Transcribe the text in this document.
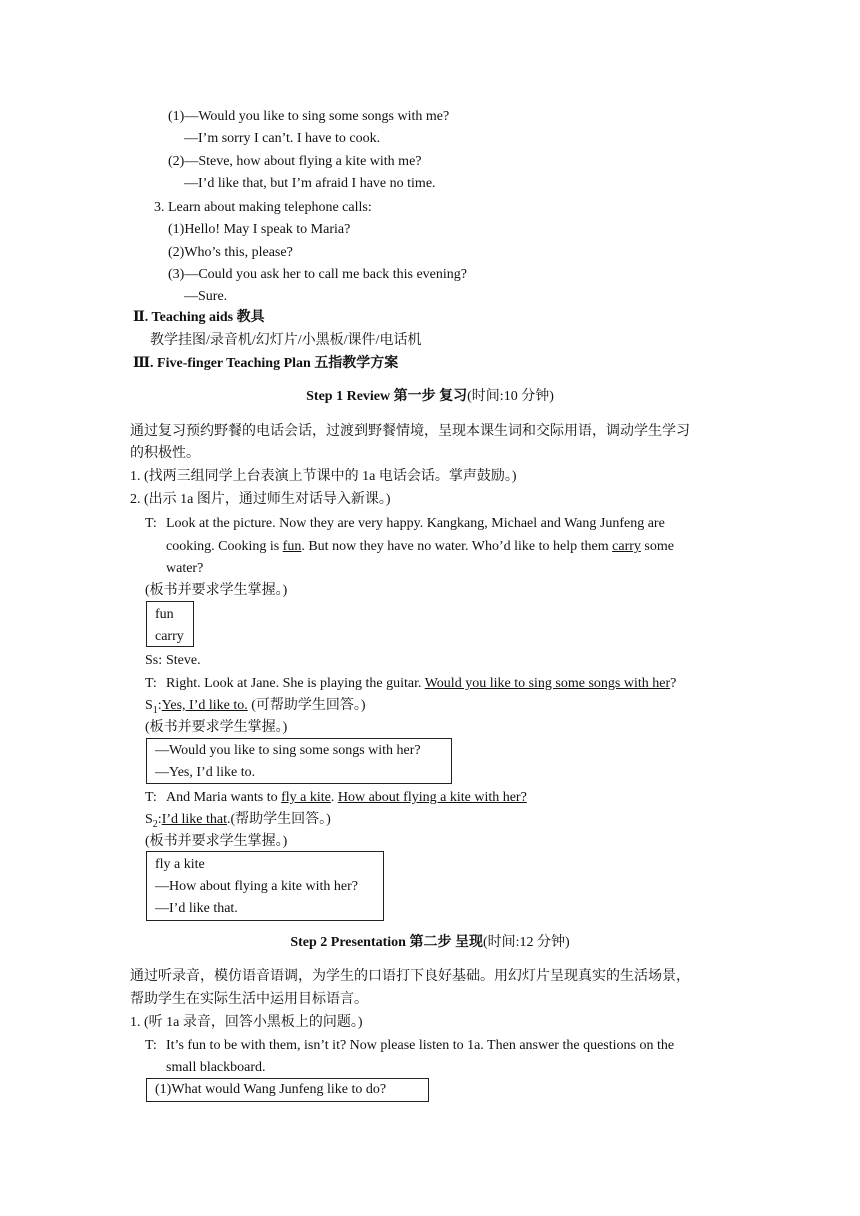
(1)—Would you like to sing some songs with me?
—I’m sorry I can’t. I have to cook.
(2)—Steve, how about flying a kite with me?
—I’d like that, but I’m afraid I have no time.
3. Learn about making telephone calls:
(1)Hello! May I speak to Maria?
(2)Who’s this, please?
(3)—Could you ask her to call me back this evening?
—Sure.
Ⅱ. Teaching aids 教具
教学挂图/录音机/幻灯片/小黑板/课件/电话机
Ⅲ. Five-finger Teaching Plan 五指教学方案
Step 1 Review 第一步 复习(时间:10 分钟)
通过复习预约野餐的电话会话，过渡到野餐情境，呈现本课生词和交际用语，调动学生学习
的积极性。
1. (找两三组同学上台表演上节课中的 1a 电话会话。掌声鼓励。)
2. (出示 1a 图片，通过师生对话导入新课。)
T: Look at the picture. Now they are very happy. Kangkang, Michael and Wang Junfeng are
cooking. Cooking is fun. But now they have no water. Who’d like to help them carry some
water?
(板书并要求学生掌握。)
fun
carry
Ss: Steve.
T: Right. Look at Jane. She is playing the guitar. Would you like to sing some songs with her?
$S_1:Yes$, I’d like to. (可帮助学生回答。)
(板书并要求学生掌握。)
—Would you like to sing some songs with her?
—Yes, I’d like to.
T: And Maria wants to fly a kite. How about flying a kite with her?
$S_2:I’d$ like that.(帮助学生回答。)
(板书并要求学生掌握。)
fly a kite
—How about flying a kite with her?
—I’d like that.
Step 2 Presentation 第二步 呈现(时间:12 分钟)
通过听录音，模仿语音语调，为学生的口语打下良好基础。用幻灯片呈现真实的生活场景，
帮助学生在实际生活中运用目标语言。
1. (听 1a 录音，回答小黑板上的问题。)
T: It’s fun to be with them, isn’t it? Now please listen to 1a. Then answer the questions on the
small blackboard.
(1)What would Wang Junfeng like to do?
